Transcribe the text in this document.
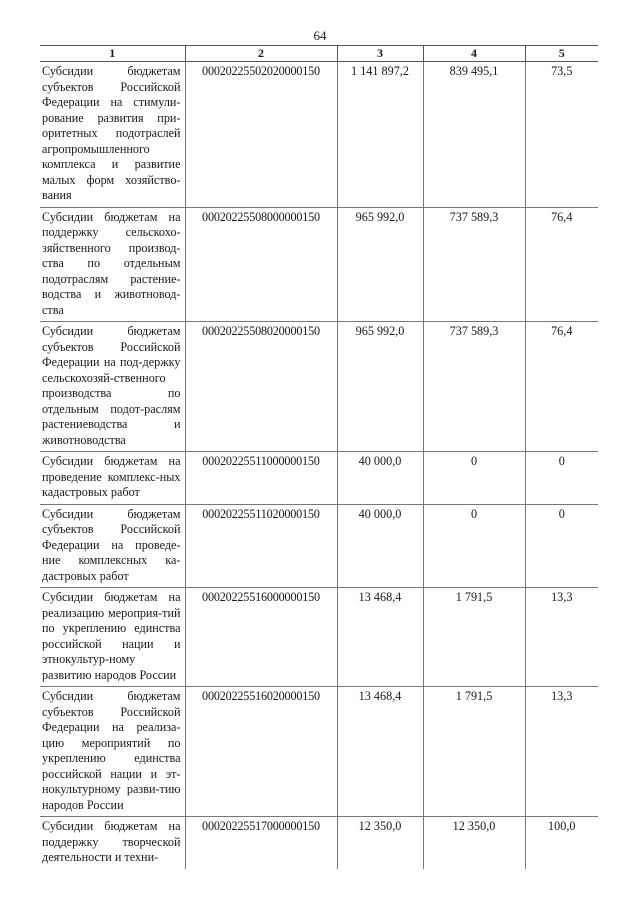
64
1	2	3	4	5
Субсидии бюджетам субъектов Российской Федерации на стимули-рование развития при-оритетных подотраслей агропромышленного комплекса и развитие малых форм хозяйство-вания	00020225502020000150	1 141 897,2	839 495,1	73,5
Субсидии бюджетам на поддержку сельскохо-зяйственного производ-ства по отдельным подотраслям растение-водства и животновод-ства	00020225508000000150	965 992,0	737 589,3	76,4
Субсидии бюджетам субъектов Российской Федерации на под-держку сельскохозяй-ственного производства по отдельным подот-раслям растениеводства и животноводства	00020225508020000150	965 992,0	737 589,3	76,4
Субсидии бюджетам на проведение комплекс-ных кадастровых работ	00020225511000000150	40 000,0	0	0
Субсидии бюджетам субъектов Российской Федерации на проведе-ние комплексных ка-дастровых работ	00020225511020000150	40 000,0	0	0
Субсидии бюджетам на реализацию мероприя-тий по укреплению единства российской нации и этнокультур-ному развитию народов России	00020225516000000150	13 468,4	1 791,5	13,3
Субсидии бюджетам субъектов Российской Федерации на реализа-цию мероприятий по укреплению единства российской нации и эт-нокультурному разви-тию народов России	00020225516020000150	13 468,4	1 791,5	13,3
Субсидии бюджетам на поддержку творческой деятельности и техни-	00020225517000000150	12 350,0	12 350,0	100,0
